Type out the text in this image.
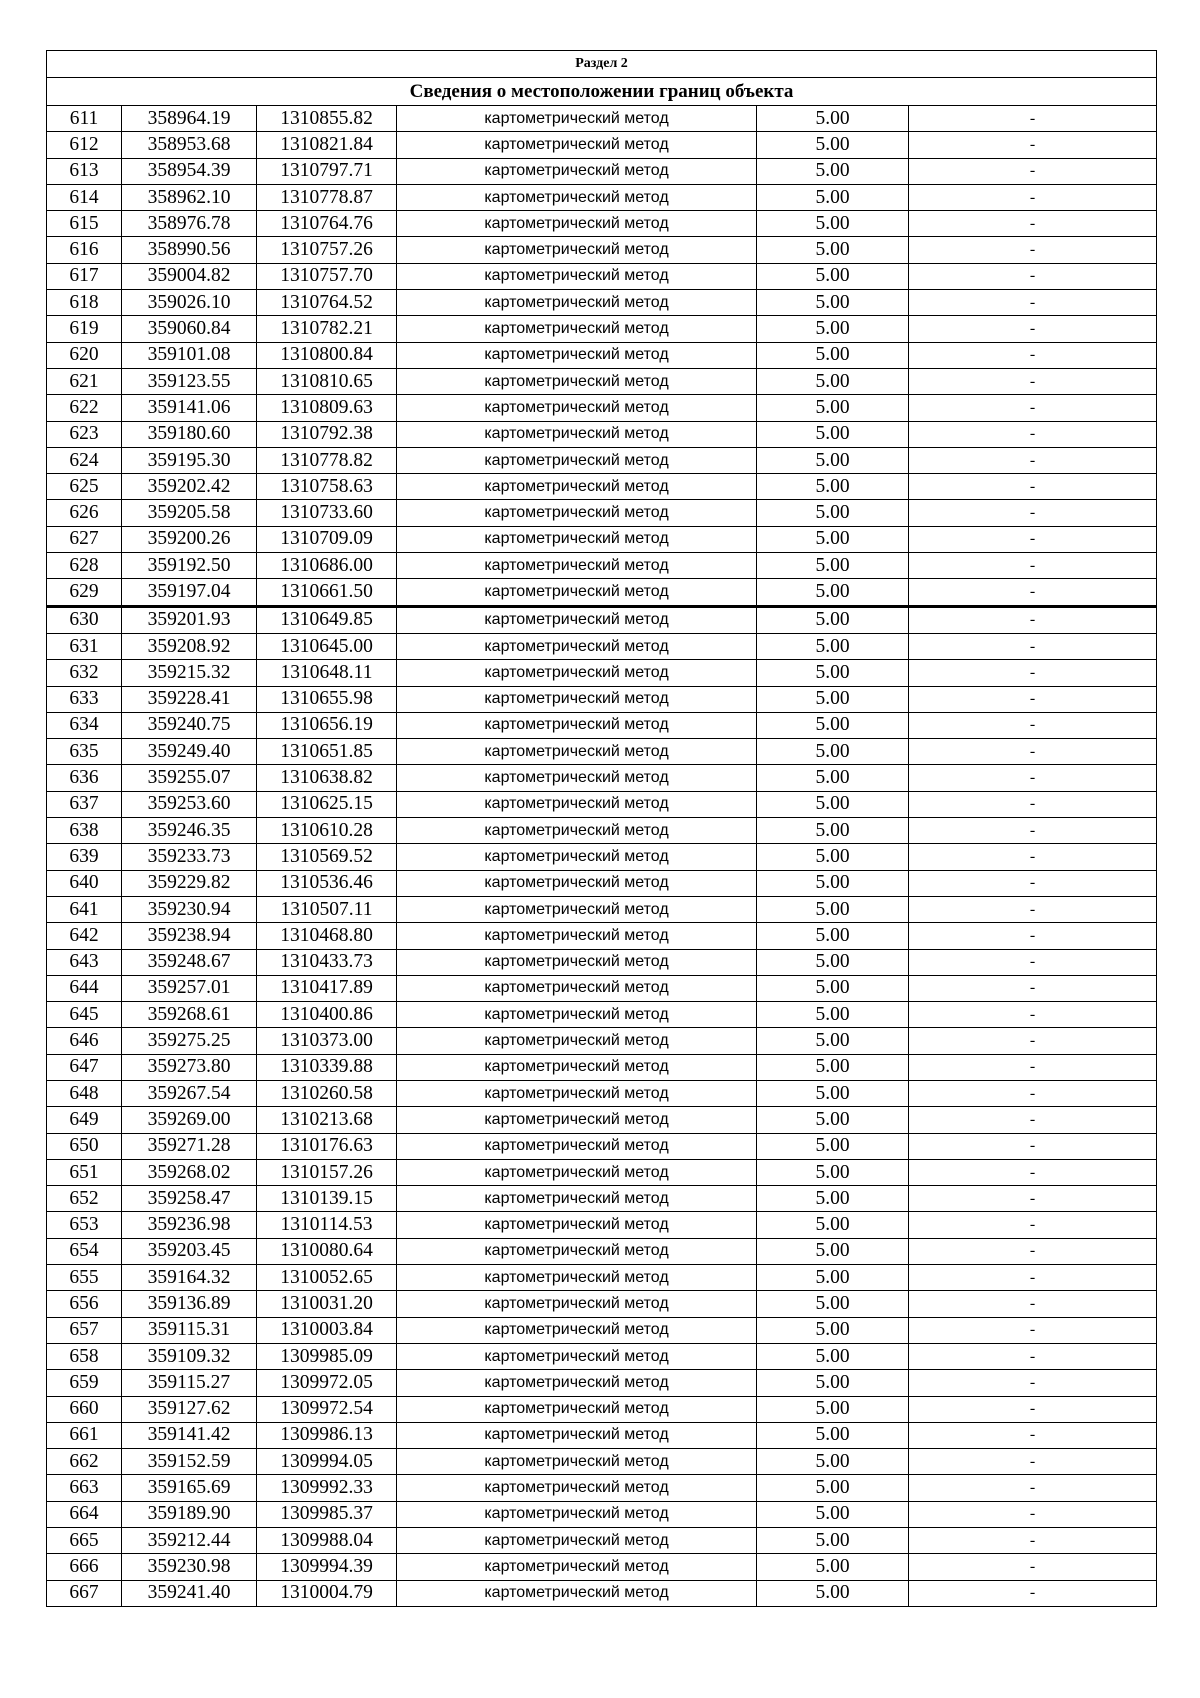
Раздел 2					
Сведения о местоположении границ объекта					
611	358964.19	1310855.82	картометрический метод	5.00	-
612	358953.68	1310821.84	картометрический метод	5.00	-
613	358954.39	1310797.71	картометрический метод	5.00	-
614	358962.10	1310778.87	картометрический метод	5.00	-
615	358976.78	1310764.76	картометрический метод	5.00	-
616	358990.56	1310757.26	картометрический метод	5.00	-
617	359004.82	1310757.70	картометрический метод	5.00	-
618	359026.10	1310764.52	картометрический метод	5.00	-
619	359060.84	1310782.21	картометрический метод	5.00	-
620	359101.08	1310800.84	картометрический метод	5.00	-
621	359123.55	1310810.65	картометрический метод	5.00	-
622	359141.06	1310809.63	картометрический метод	5.00	-
623	359180.60	1310792.38	картометрический метод	5.00	-
624	359195.30	1310778.82	картометрический метод	5.00	-
625	359202.42	1310758.63	картометрический метод	5.00	-
626	359205.58	1310733.60	картометрический метод	5.00	-
627	359200.26	1310709.09	картометрический метод	5.00	-
628	359192.50	1310686.00	картометрический метод	5.00	-
629	359197.04	1310661.50	картометрический метод	5.00	-
630	359201.93	1310649.85	картометрический метод	5.00	-
631	359208.92	1310645.00	картометрический метод	5.00	-
632	359215.32	1310648.11	картометрический метод	5.00	-
633	359228.41	1310655.98	картометрический метод	5.00	-
634	359240.75	1310656.19	картометрический метод	5.00	-
635	359249.40	1310651.85	картометрический метод	5.00	-
636	359255.07	1310638.82	картометрический метод	5.00	-
637	359253.60	1310625.15	картометрический метод	5.00	-
638	359246.35	1310610.28	картометрический метод	5.00	-
639	359233.73	1310569.52	картометрический метод	5.00	-
640	359229.82	1310536.46	картометрический метод	5.00	-
641	359230.94	1310507.11	картометрический метод	5.00	-
642	359238.94	1310468.80	картометрический метод	5.00	-
643	359248.67	1310433.73	картометрический метод	5.00	-
644	359257.01	1310417.89	картометрический метод	5.00	-
645	359268.61	1310400.86	картометрический метод	5.00	-
646	359275.25	1310373.00	картометрический метод	5.00	-
647	359273.80	1310339.88	картометрический метод	5.00	-
648	359267.54	1310260.58	картометрический метод	5.00	-
649	359269.00	1310213.68	картометрический метод	5.00	-
650	359271.28	1310176.63	картометрический метод	5.00	-
651	359268.02	1310157.26	картометрический метод	5.00	-
652	359258.47	1310139.15	картометрический метод	5.00	-
653	359236.98	1310114.53	картометрический метод	5.00	-
654	359203.45	1310080.64	картометрический метод	5.00	-
655	359164.32	1310052.65	картометрический метод	5.00	-
656	359136.89	1310031.20	картометрический метод	5.00	-
657	359115.31	1310003.84	картометрический метод	5.00	-
658	359109.32	1309985.09	картометрический метод	5.00	-
659	359115.27	1309972.05	картометрический метод	5.00	-
660	359127.62	1309972.54	картометрический метод	5.00	-
661	359141.42	1309986.13	картометрический метод	5.00	-
662	359152.59	1309994.05	картометрический метод	5.00	-
663	359165.69	1309992.33	картометрический метод	5.00	-
664	359189.90	1309985.37	картометрический метод	5.00	-
665	359212.44	1309988.04	картометрический метод	5.00	-
666	359230.98	1309994.39	картометрический метод	5.00	-
667	359241.40	1310004.79	картометрический метод	5.00	-
